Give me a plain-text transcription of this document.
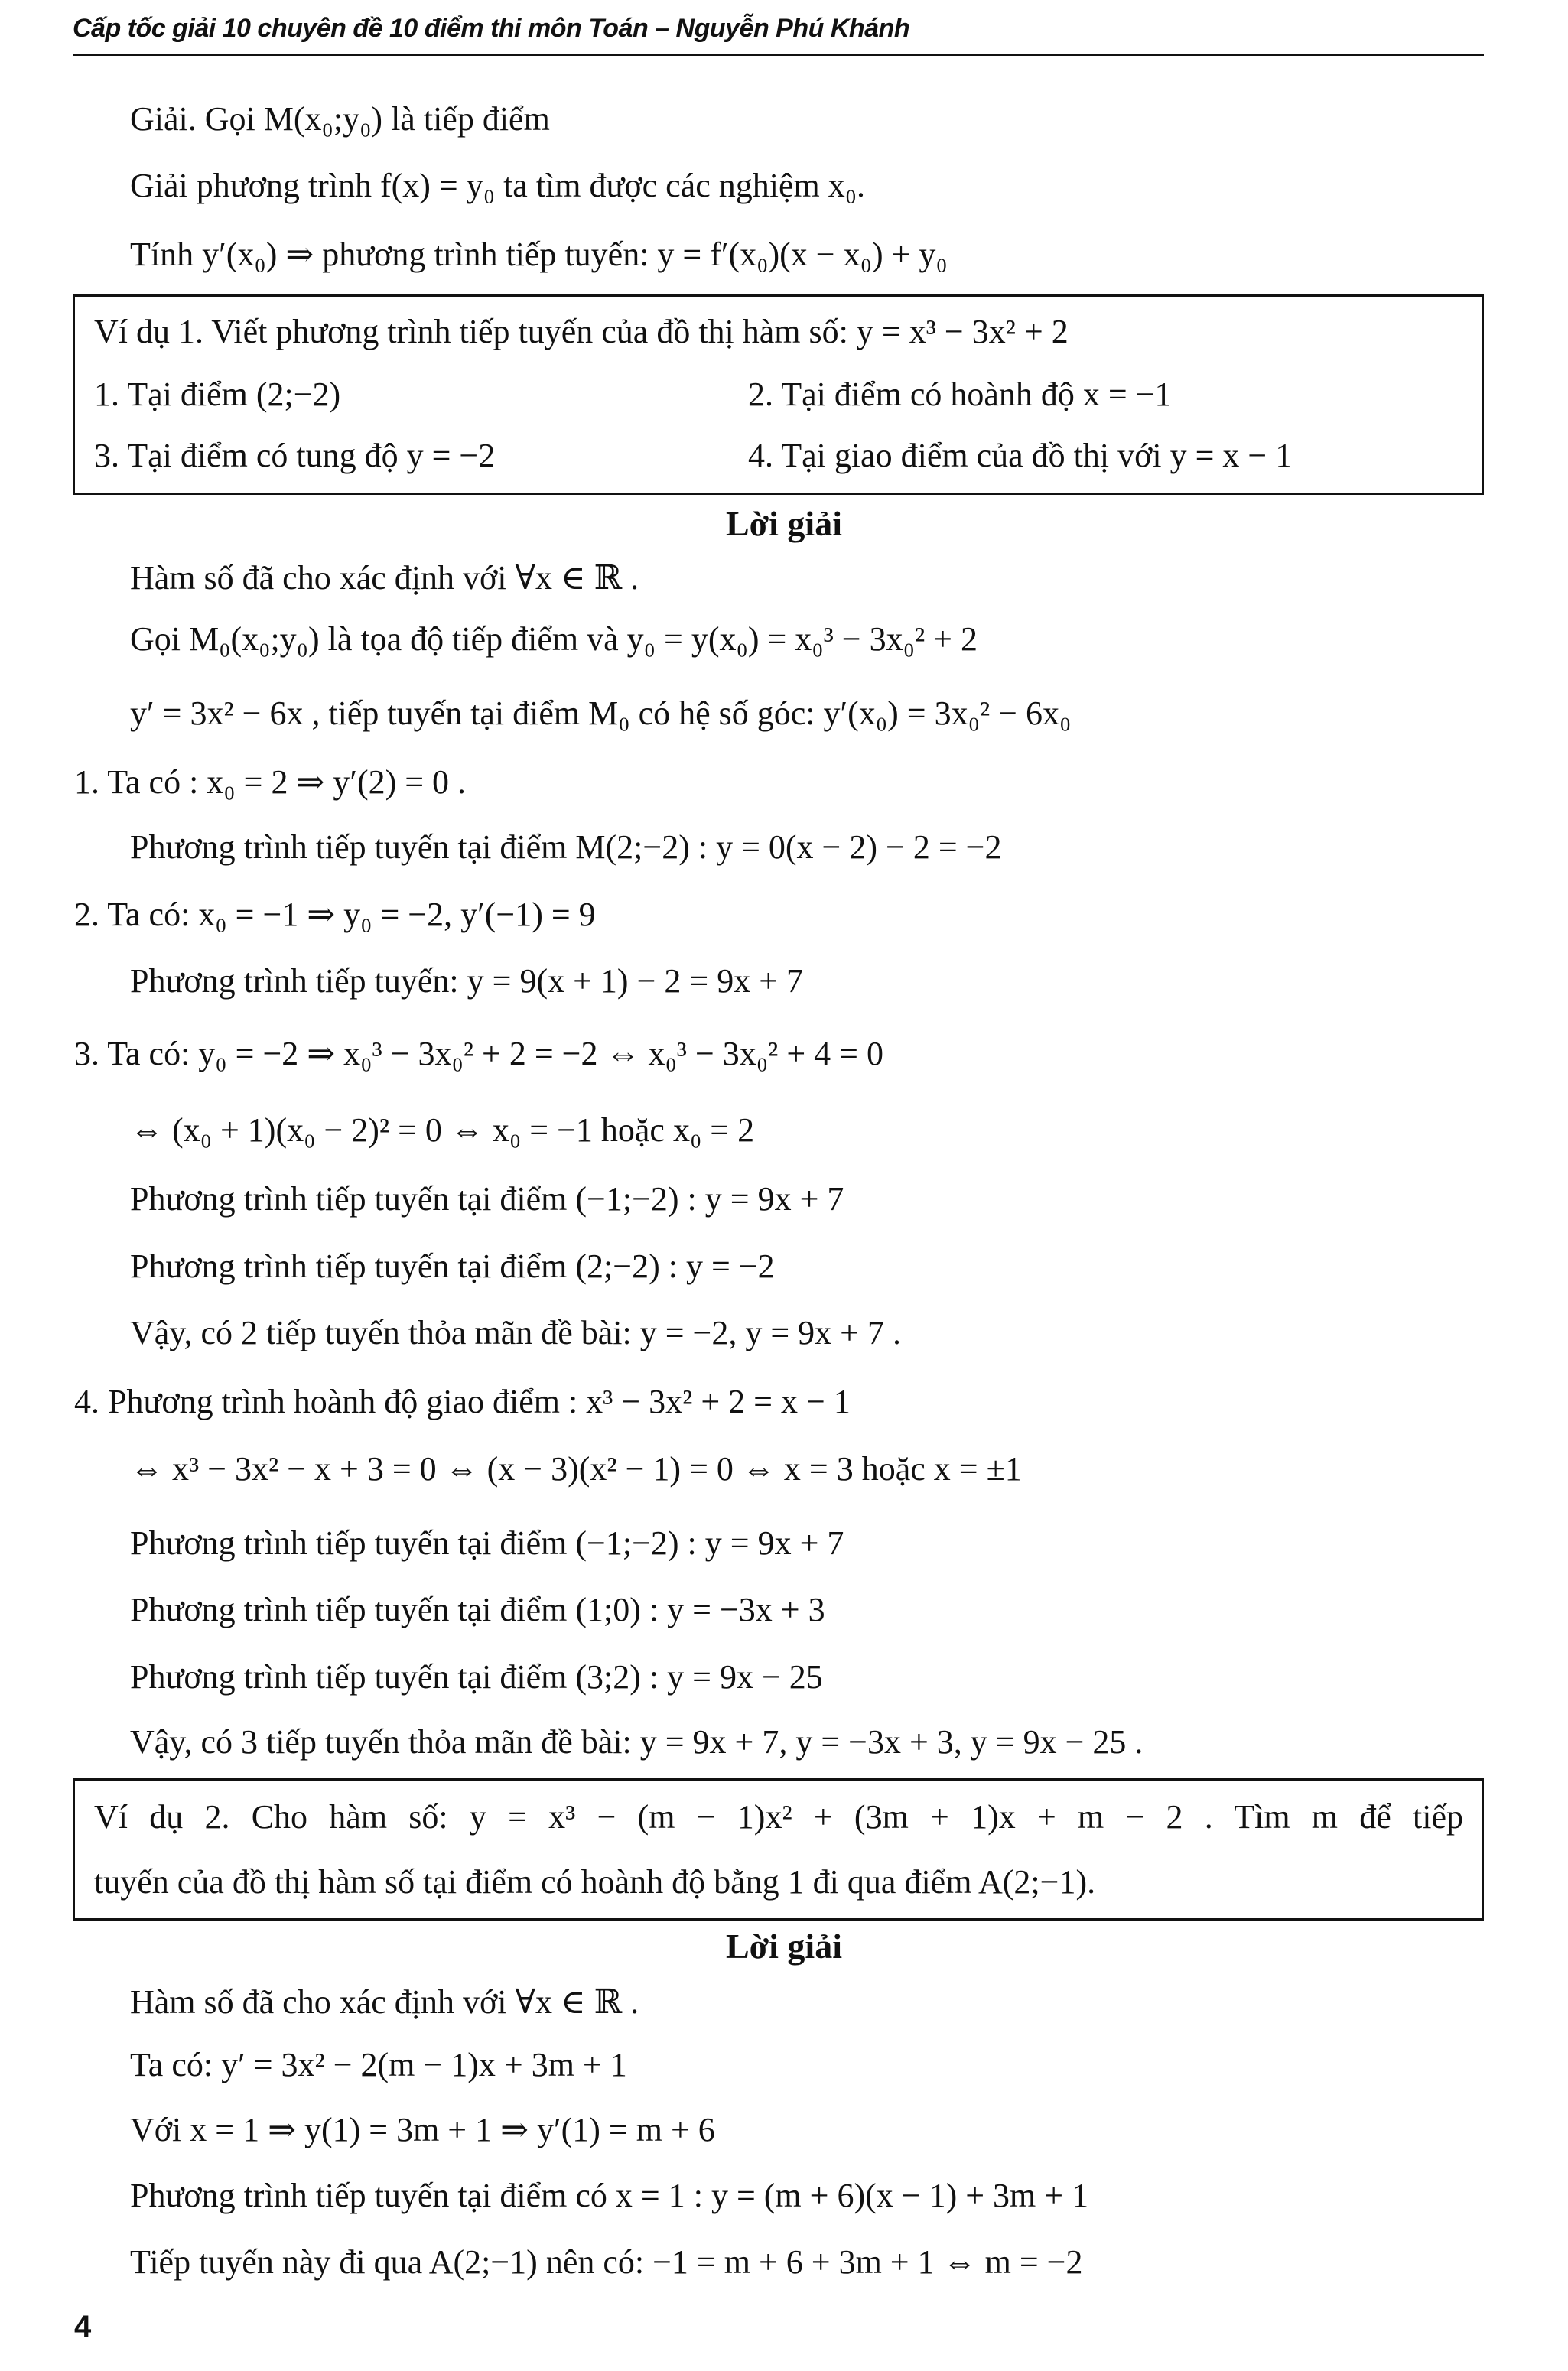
Cấp tốc giải 10 chuyên đề 10 điểm thi môn Toán – Nguyễn Phú Khánh
Giải. Gọi M(x₀;y₀) là tiếp điểm
Giải phương trình f(x) = y₀ ta tìm được các nghiệm x₀.
Tính y′(x₀) ⇒ phương trình tiếp tuyến: y = f′(x₀)(x − x₀) + y₀
Ví dụ 1. Viết phương trình tiếp tuyến của đồ thị hàm số: y = x³ − 3x² + 2
1. Tại điểm (2;−2)	2. Tại điểm có hoành độ x = −1
3. Tại điểm có tung độ y = −2	4. Tại giao điểm của đồ thị với y = x − 1
Lời giải
Hàm số đã cho xác định với ∀x ∈ ℝ .
Gọi M₀(x₀;y₀) là tọa độ tiếp điểm và y₀ = y(x₀) = x₀³ − 3x₀² + 2
y′ = 3x² − 6x , tiếp tuyến tại điểm M₀ có hệ số góc: y′(x₀) = 3x₀² − 6x₀
1. Ta có : x₀ = 2 ⇒ y′(2) = 0 .
Phương trình tiếp tuyến tại điểm M(2;−2) : y = 0(x − 2) − 2 = −2
2. Ta có: x₀ = −1 ⇒ y₀ = −2, y′(−1) = 9
Phương trình tiếp tuyến: y = 9(x + 1) − 2 = 9x + 7
3. Ta có: y₀ = −2 ⇒ x₀³ − 3x₀² + 2 = −2 ⇔ x₀³ − 3x₀² + 4 = 0
⇔ (x₀ + 1)(x₀ − 2)² = 0 ⇔ x₀ = −1 hoặc x₀ = 2
Phương trình tiếp tuyến tại điểm (−1;−2) : y = 9x + 7
Phương trình tiếp tuyến tại điểm (2;−2) : y = −2
Vậy, có 2 tiếp tuyến thỏa mãn đề bài: y = −2, y = 9x + 7 .
4. Phương trình hoành độ giao điểm : x³ − 3x² + 2 = x − 1
⇔ x³ − 3x² − x + 3 = 0 ⇔ (x − 3)(x² − 1) = 0 ⇔ x = 3 hoặc x = ±1
Phương trình tiếp tuyến tại điểm (−1;−2) : y = 9x + 7
Phương trình tiếp tuyến tại điểm (1;0) : y = −3x + 3
Phương trình tiếp tuyến tại điểm (3;2) : y = 9x − 25
Vậy, có 3 tiếp tuyến thỏa mãn đề bài: y = 9x + 7, y = −3x + 3, y = 9x − 25 .
Ví dụ 2. Cho hàm số: y = x³ − (m − 1)x² + (3m + 1)x + m − 2 . Tìm m để tiếp
tuyến của đồ thị hàm số tại điểm có hoành độ bằng 1 đi qua điểm A(2;−1).
Lời giải
Hàm số đã cho xác định với ∀x ∈ ℝ .
Ta có: y′ = 3x² − 2(m − 1)x + 3m + 1
Với x = 1 ⇒ y(1) = 3m + 1 ⇒ y′(1) = m + 6
Phương trình tiếp tuyến tại điểm có x = 1 : y = (m + 6)(x − 1) + 3m + 1
Tiếp tuyến này đi qua A(2;−1) nên có: −1 = m + 6 + 3m + 1 ⇔ m = −2
4
